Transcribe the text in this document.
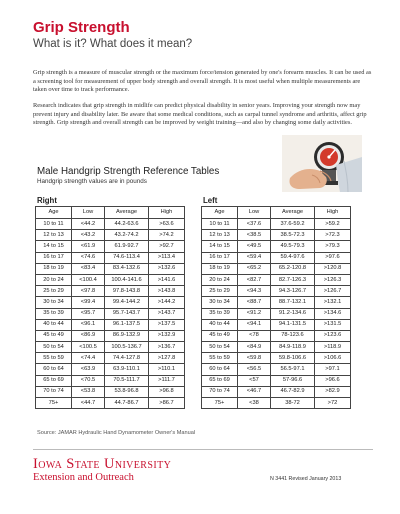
Grip Strength
What is it? What does it mean?

Grip strength is a measure of muscular strength or the maximum force/tension generated by one's forearm muscles. It can be used as a screening tool for measurement of upper body strength and overall strength. It is most useful when multiple measurements are taken over time to track performance.

Research indicates that grip strength in midlife can predict physical disability in senior years. Improving your strength now may prevent injury and disability later. Be aware that some medical conditions, such as carpal tunnel syndrome and arthritis, affect grip strength. Grip strength and overall strength can be improved by weight training—and also by changing some daily activities.

Male Handgrip Strength Reference Tables
Handgrip strength values are in pounds
Right	Left
Age	Low	Average	High
10 to 11	<44.2	44.2-63.6	>63.6
12 to 13	<43.2	43.2-74.2	>74.2
14 to 15	<61.9	61.9-92.7	>92.7
16 to 17	<74.6	74.6-113.4	>113.4
18 to 19	<83.4	83.4-132.6	>132.6
20 to 24	<100.4	100.4-141.6	>141.6
25 to 29	<97.8	97.8-143.8	>143.8
30 to 34	<99.4	99.4-144.2	>144.2
35 to 39	<95.7	95.7-143.7	>143.7
40 to 44	<96.1	96.1-137.5	>137.5
45 to 49	<86.9	86.9-132.9	>132.9
50 to 54	<100.5	100.5-136.7	>136.7
55 to 59	<74.4	74.4-127.8	>127.8
60 to 64	<63.9	63.9-110.1	>110.1
65 to 69	<70.5	70.5-111.7	>111.7
70 to 74	<53.8	53.8-96.8	>96.8
75+	<44.7	44.7-86.7	>86.7
Age	Low	Average	High
10 to 11	<37.6	37.6-59.2	>59.2
12 to 13	<38.5	38.5-72.3	>72.3
14 to 15	<49.5	49.5-79.3	>79.3
16 to 17	<59.4	59.4-97.6	>97.6
18 to 19	<65.2	65.2-120.8	>120.8
20 to 24	<82.7	82.7-126.3	>126.3
25 to 29	<94.3	94.3-126.7	>126.7
30 to 34	<88.7	88.7-132.1	>132.1
35 to 39	<91.2	91.2-134.6	>134.6
40 to 44	<94.1	94.1-131.5	>131.5
45 to 49	<78	78-123.6	>123.6
50 to 54	<84.9	84.9-118.9	>118.9
55 to 59	<59.8	59.8-106.6	>106.6
60 to 64	<56.5	56.5-97.1	>97.1
65 to 69	<57	57-96.6	>96.6
70 to 74	<46.7	46.7-82.9	>82.9
75+	<38	38-72	>72
Source: JAMAR Hydraulic Hand Dynamometer Owner's Manual
Iowa State University
Extension and Outreach	N 3441 Revised January 2013
